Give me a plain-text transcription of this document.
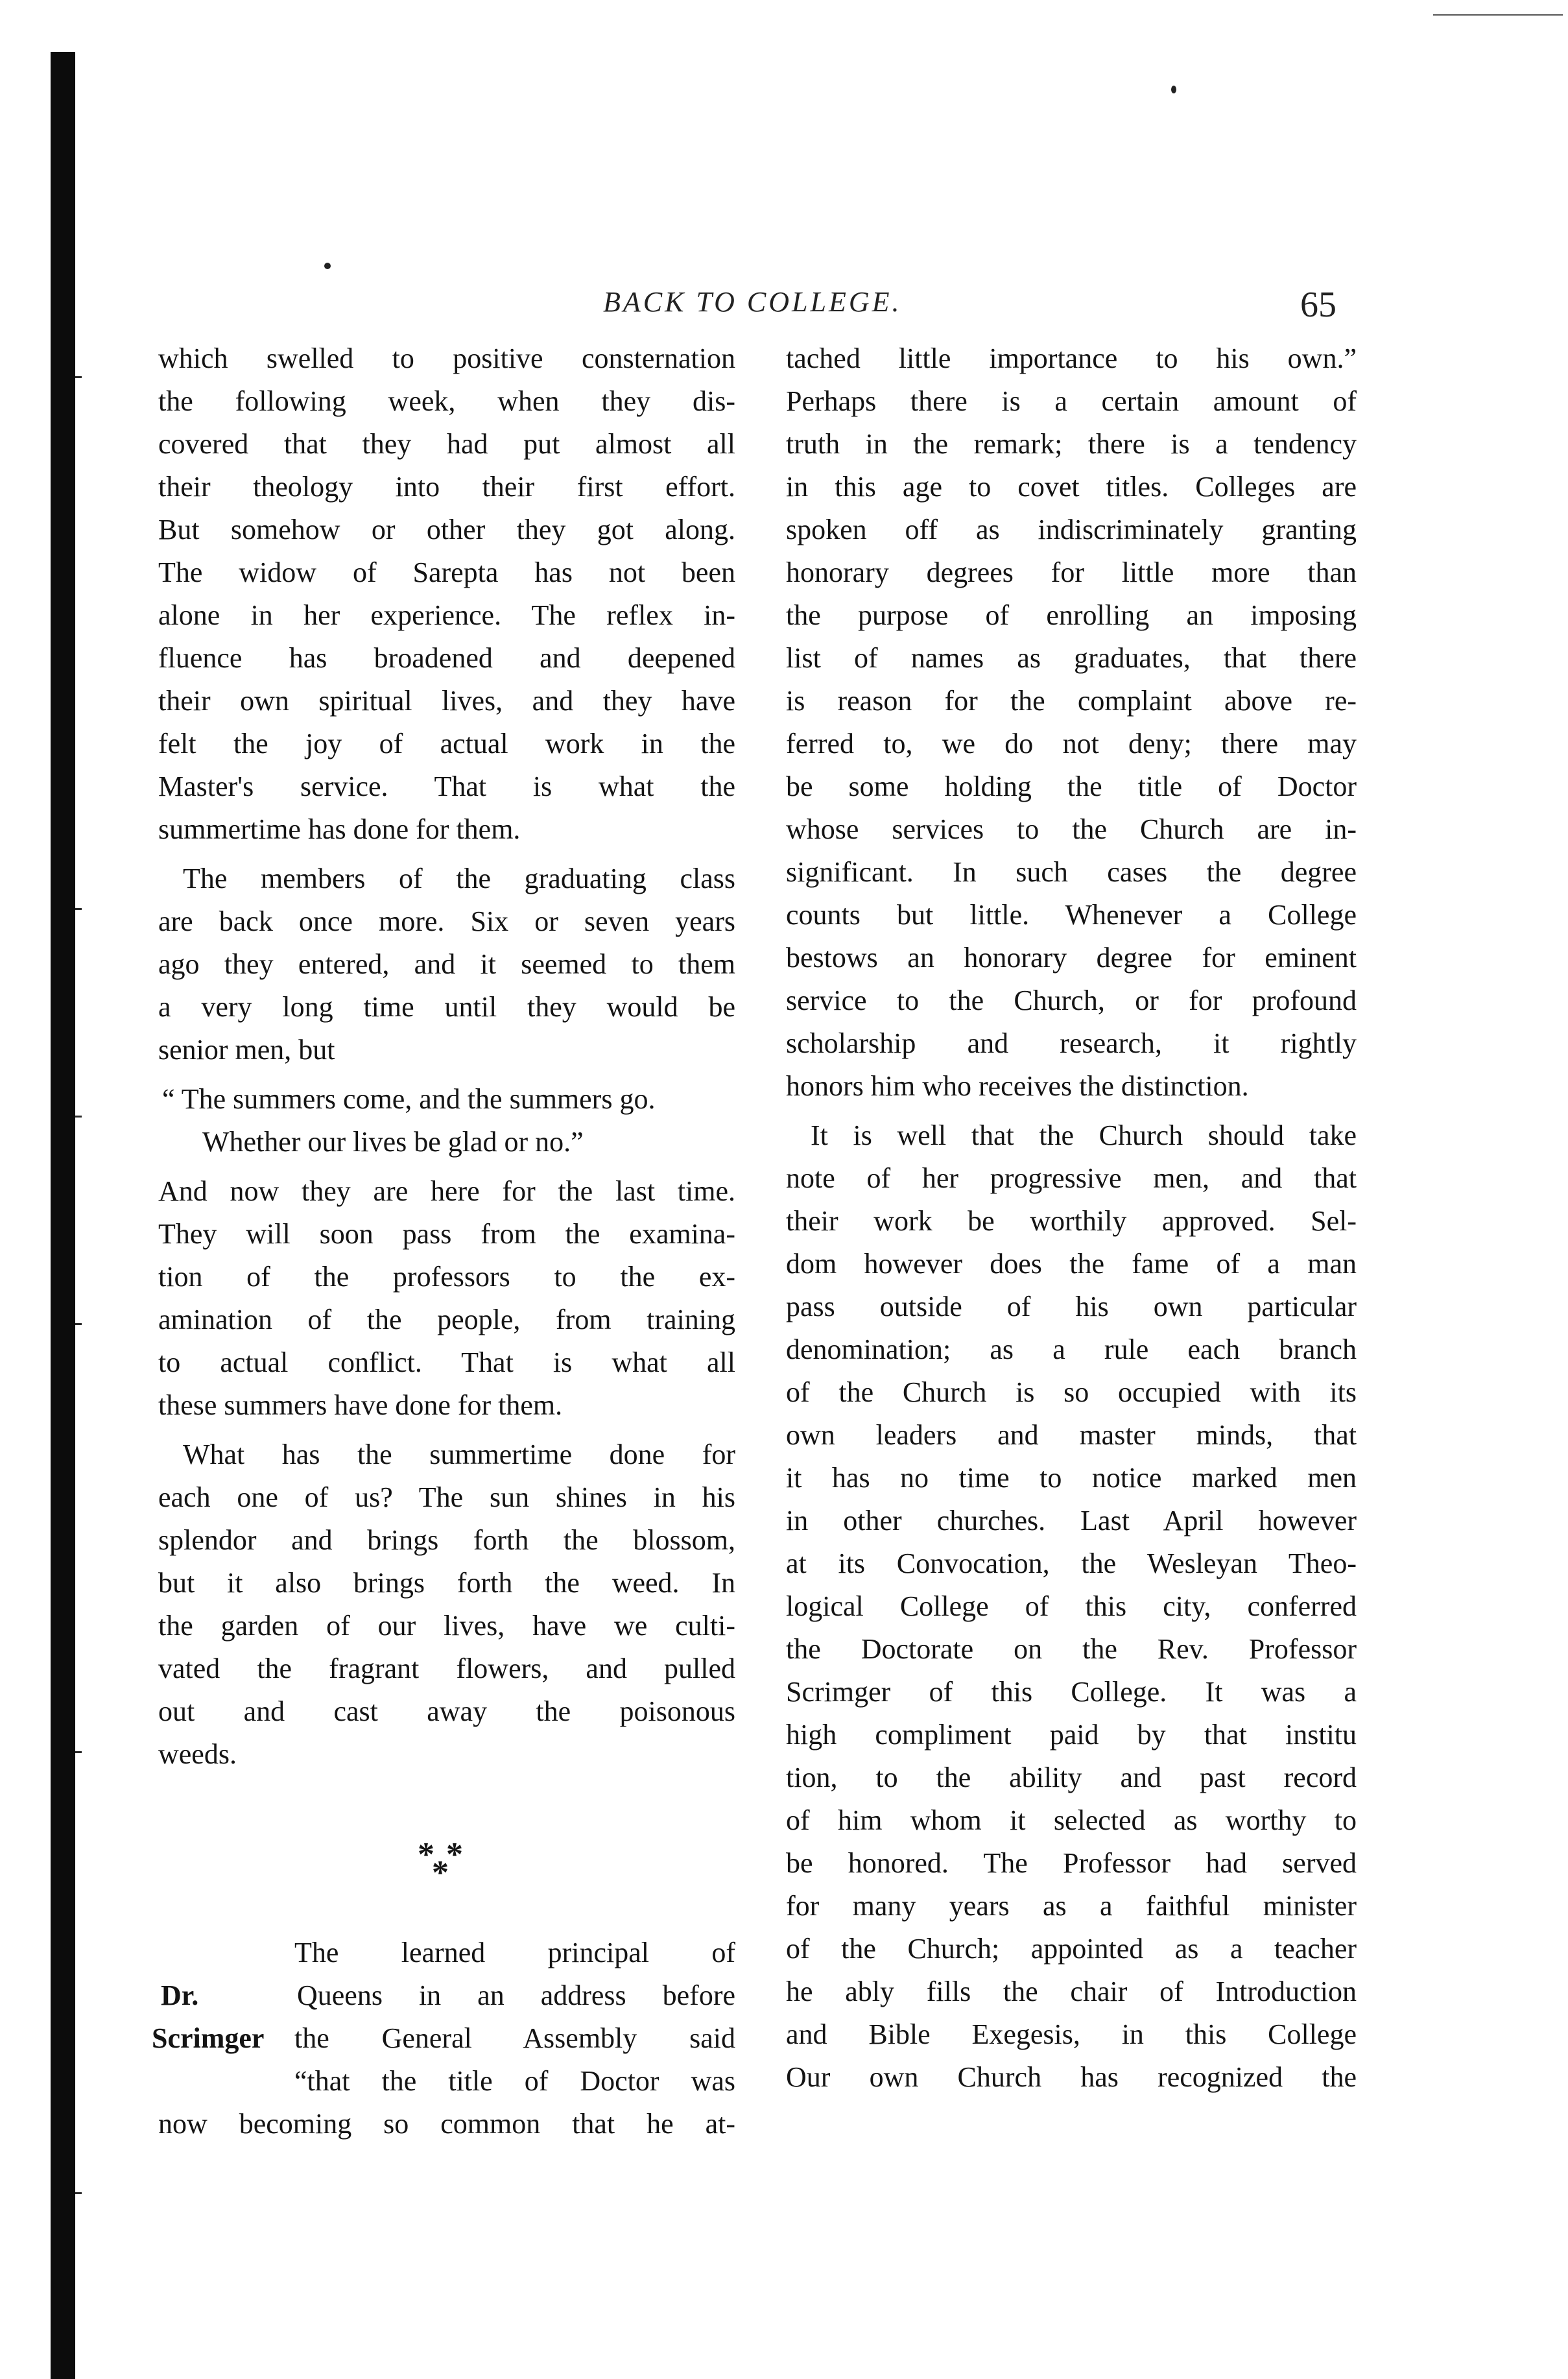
BACK TO COLLEGE.	65
which swelled to positive consternation
the following week, when they dis-
covered that they had put almost all
their theology into their first effort.
But somehow or other they got along.
The widow of Sarepta has not been
alone in her experience. The reflex in-
fluence has broadened and deepened
their own spiritual lives, and they have
felt the joy of actual work in the
Master's service. That is what the
summertime has done for them.
The members of the graduating class
are back once more. Six or seven years
ago they entered, and it seemed to them
a very long time until they would be
senior men, but
“ The summers come, and the summers go.
Whether our lives be glad or no.”
And now they are here for the last time.
They will soon pass from the examina-
tion of the professors to the ex-
amination of the people, from training
to actual conflict. That is what all
these summers have done for them.
What has the summertime done for
each one of us? The sun shines in his
splendor and brings forth the blossom,
but it also brings forth the weed. In
the garden of our lives, have we culti-
vated the fragrant flowers, and pulled
out and cast away the poisonous
weeds.
The learned principal of
Dr.	Queens in an address before
Scrimger	the General Assembly said
“that the title of Doctor was
now becoming so common that he at-
* *
*
tached little importance to his own.”
Perhaps there is a certain amount of
truth in the remark; there is a tendency
in this age to covet titles. Colleges are
spoken off as indiscriminately granting
honorary degrees for little more than
the purpose of enrolling an imposing
list of names as graduates, that there
is reason for the complaint above re-
ferred to, we do not deny; there may
be some holding the title of Doctor
whose services to the Church are in-
significant. In such cases the degree
counts but little. Whenever a College
bestows an honorary degree for eminent
service to the Church, or for profound
scholarship and research, it rightly
honors him who receives the distinction.
It is well that the Church should take
note of her progressive men, and that
their work be worthily approved. Sel-
dom however does the fame of a man
pass outside of his own particular
denomination; as a rule each branch
of the Church is so occupied with its
own leaders and master minds, that
it has no time to notice marked men
in other churches. Last April however
at its Convocation, the Wesleyan Theo-
logical College of this city, conferred
the Doctorate on the Rev. Professor
Scrimger of this College. It was a
high compliment paid by that institu
tion, to the ability and past record
of him whom it selected as worthy to
be honored. The Professor had served
for many years as a faithful minister
of the Church; appointed as a teacher
he ably fills the chair of Introduction
and Bible Exegesis, in this College
Our own Church has recognized the
